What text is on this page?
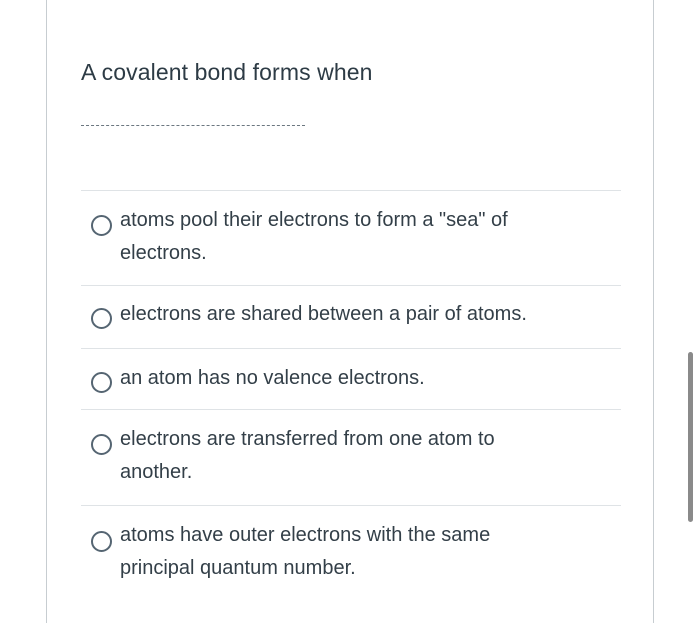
A covalent bond forms when
atoms pool their electrons to form a "sea" of electrons.
electrons are shared between a pair of atoms.
an atom has no valence electrons.
electrons are transferred from one atom to another.
atoms have outer electrons with the same principal quantum number.
